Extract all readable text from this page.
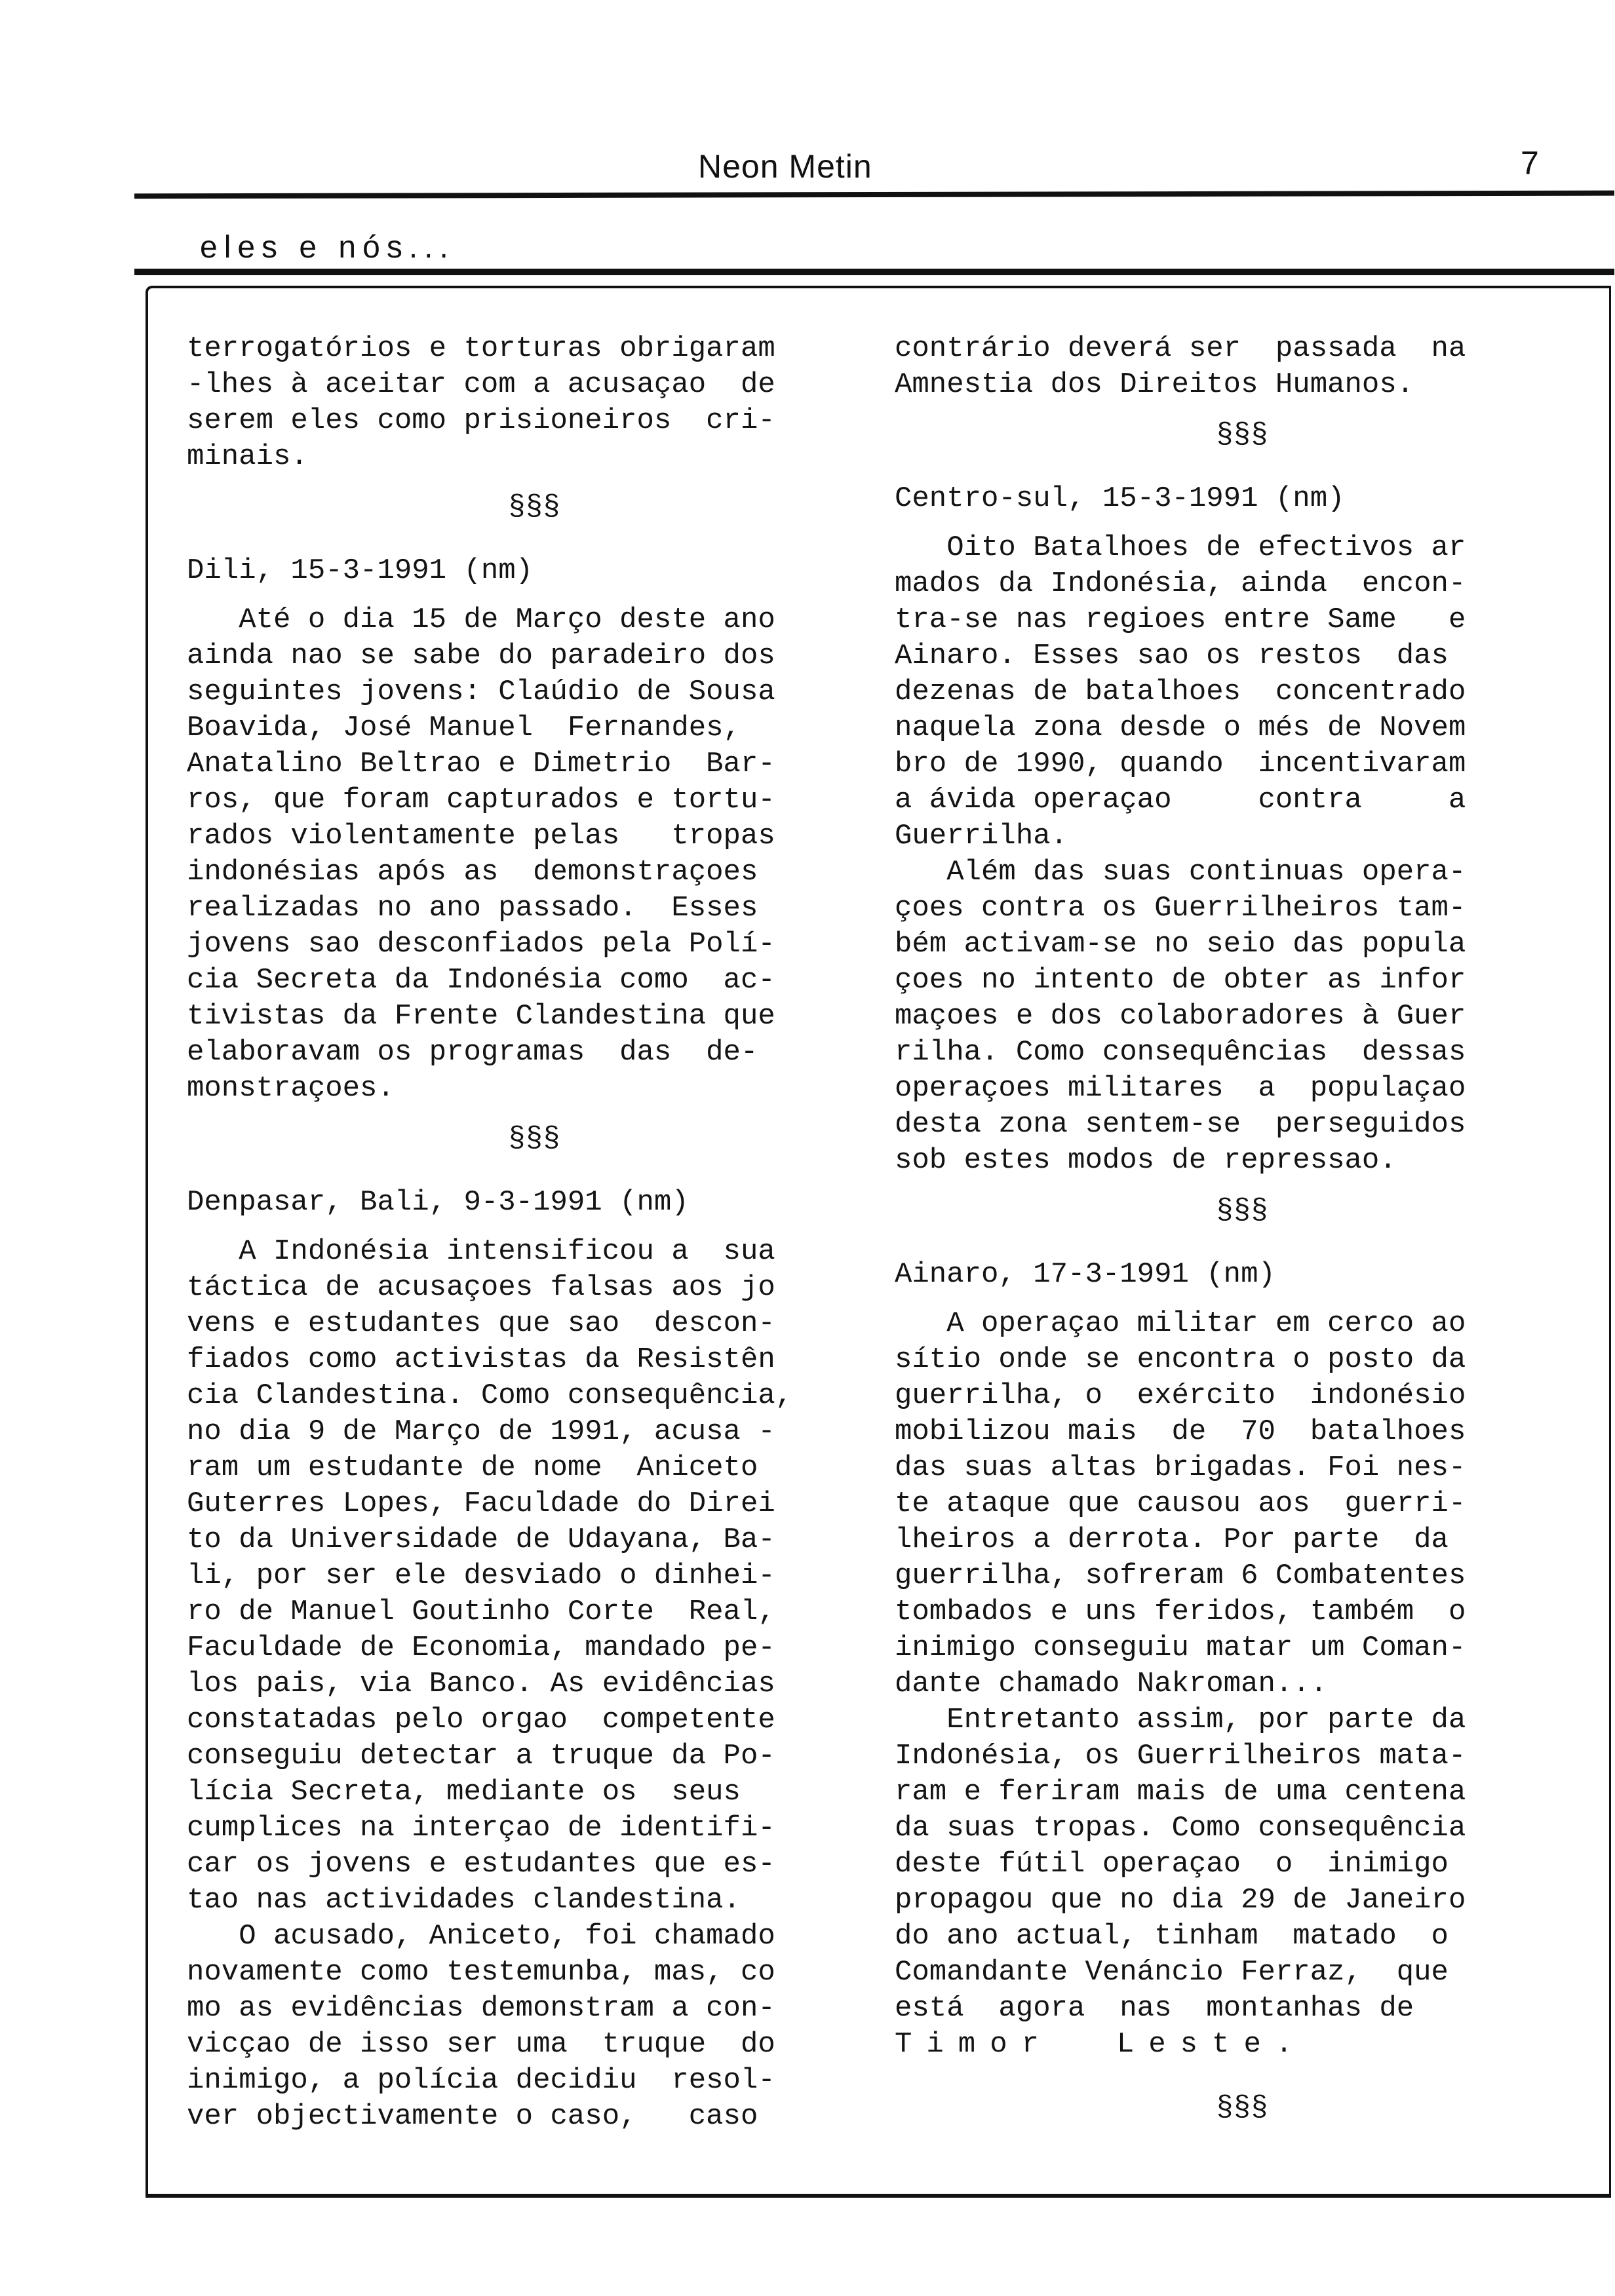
Neon Metin	7
eles e nós...
terrogatórios e torturas obrigaram
-lhes à aceitar com a acusaçao  de
serem eles como prisioneiros  cri-
minais.
§§§
Dili, 15-3-1991 (nm)
Até o dia 15 de Março deste ano
ainda nao se sabe do paradeiro dos
seguintes jovens: Claúdio de Sousa
Boavida, José Manuel  Fernandes,
Anatalino Beltrao e Dimetrio  Bar-
ros, que foram capturados e tortu-
rados violentamente pelas   tropas
indonésias após as  demonstraçoes
realizadas no ano passado.  Esses
jovens sao desconfiados pela Polí-
cia Secreta da Indonésia como  ac-
tivistas da Frente Clandestina que
elaboravam os programas  das  de-
monstraçoes.
§§§
Denpasar, Bali, 9-3-1991 (nm)
A Indonésia intensificou a  sua
táctica de acusaçoes falsas aos jo
vens e estudantes que sao  descon-
fiados como activistas da Resistên
cia Clandestina. Como consequência,
no dia 9 de Março de 1991, acusa -
ram um estudante de nome  Aniceto
Guterres Lopes, Faculdade do Direi
to da Universidade de Udayana, Ba-
li, por ser ele desviado o dinhei-
ro de Manuel Goutinho Corte  Real,
Faculdade de Economia, mandado pe-
los pais, via Banco. As evidências
constatadas pelo orgao  competente
conseguiu detectar a truque da Po-
lícia Secreta, mediante os  seus
cumplices na interçao de identifi-
car os jovens e estudantes que es-
tao nas actividades clandestina.
O acusado, Aniceto, foi chamado
novamente como testemunba, mas, co
mo as evidências demonstram a con-
vicçao de isso ser uma  truque  do
inimigo, a polícia decidiu  resol-
ver objectivamente o caso,   caso
contrário deverá ser  passada  na
Amnestia dos Direitos Humanos.
§§§
Centro-sul, 15-3-1991 (nm)
Oito Batalhoes de efectivos ar
mados da Indonésia, ainda  encon-
tra-se nas regioes entre Same   e
Ainaro. Esses sao os restos  das
dezenas de batalhoes  concentrado
naquela zona desde o més de Novem
bro de 1990, quando  incentivaram
a ávida operaçao     contra     a
Guerrilha.
Além das suas continuas opera-
çoes contra os Guerrilheiros tam-
bém activam-se no seio das popula
çoes no intento de obter as infor
maçoes e dos colaboradores à Guer
rilha. Como consequências  dessas
operaçoes militares  a  populaçao
desta zona sentem-se  perseguidos
sob estes modos de repressao.
§§§
Ainaro, 17-3-1991 (nm)
A operaçao militar em cerco ao
sítio onde se encontra o posto da
guerrilha, o  exército  indonésio
mobilizou mais  de  70  batalhoes
das suas altas brigadas. Foi nes-
te ataque que causou aos  guerri-
lheiros a derrota. Por parte  da
guerrilha, sofreram 6 Combatentes
tombados e uns feridos, também  o
inimigo conseguiu matar um Coman-
dante chamado Nakroman...
Entretanto assim, por parte da
Indonésia, os Guerrilheiros mata-
ram e feriram mais de uma centena
da suas tropas. Como consequência
deste fútil operaçao  o  inimigo
propagou que no dia 29 de Janeiro
do ano actual, tinham  matado  o
Comandante Venáncio Ferraz,  que
está  agora  nas  montanhas de
Timor  Leste.
§§§
